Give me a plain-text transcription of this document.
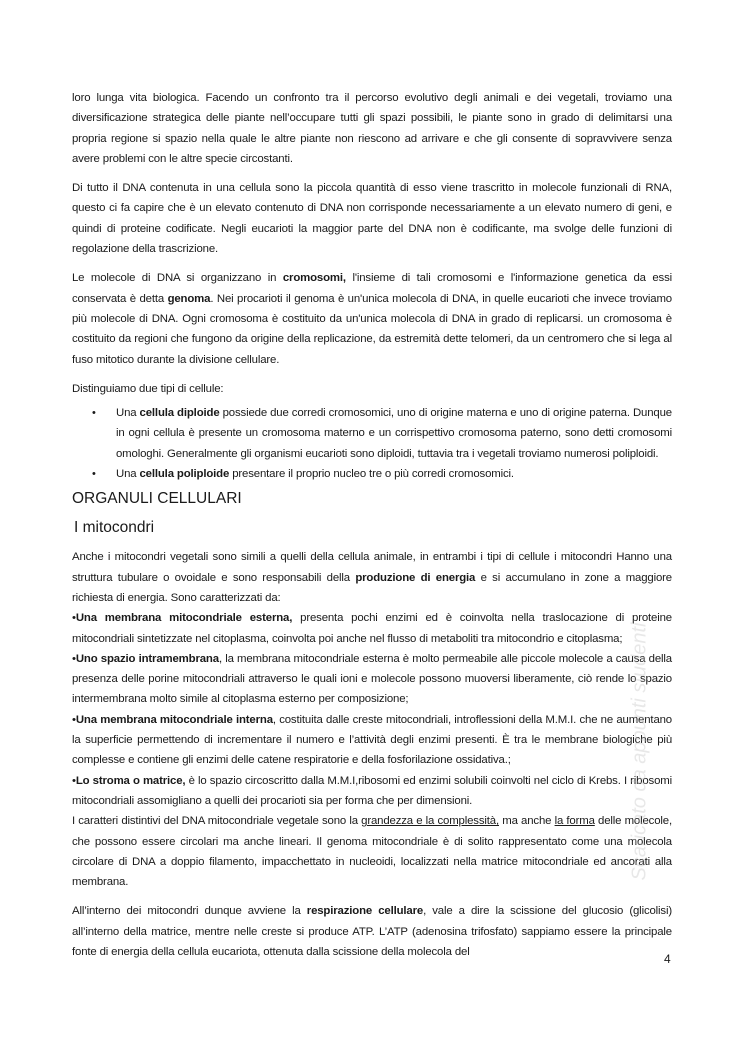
loro lunga vita biologica. Facendo un confronto tra il percorso evolutivo degli animali e dei vegetali, troviamo una diversificazione strategica delle piante nell’occupare tutti gli spazi possibili, le piante sono in grado di delimitarsi una propria regione si spazio nella quale le altre piante non riescono ad arrivare e che gli consente di sopravvivere senza avere problemi con le altre specie circostanti.

Di tutto il DNA contenuta in una cellula sono la piccola quantità di esso viene trascritto in molecole funzionali di RNA, questo ci fa capire che è un elevato contenuto di DNA non corrisponde necessariamente a un elevato numero di geni, e quindi di proteine codificate. Negli eucarioti la maggior parte del DNA non è codificante, ma svolge delle funzioni di regolazione della trascrizione.

Le molecole di DNA si organizzano in cromosomi, l'insieme di tali cromosomi e l'informazione genetica da essi conservata è detta genoma. Nei procarioti il genoma è un'unica molecola di DNA, in quelle eucarioti che invece troviamo più molecole di DNA. Ogni cromosoma è costituito da un'unica molecola di DNA in grado di replicarsi. un cromosoma è costituito da regioni che fungono da origine della replicazione, da estremità dette telomeri, da un centromero che si lega al fuso mitotico durante la divisione cellulare.

Distinguiamo due tipi di cellule:

• Una cellula diploide possiede due corredi cromosomici, uno di origine materna e uno di origine paterna. Dunque in ogni cellula è presente un cromosoma materno e un corrispettivo cromosoma paterno, sono detti cromosomi omologhi. Generalmente gli organismi eucarioti sono diploidi, tuttavia tra i vegetali troviamo numerosi poliploidi.
• Una cellula poliploide presentare il proprio nucleo tre o più corredi cromosomici.
ORGANULI CELLULARI
I mitocondri
Anche i mitocondri vegetali sono simili a quelli della cellula animale, in entrambi i tipi di cellule i mitocondri Hanno una struttura tubulare o ovoidale e sono responsabili della produzione di energia e si accumulano in zone a maggiore richiesta di energia. Sono caratterizzati da:
•Una membrana mitocondriale esterna, presenta pochi enzimi ed è coinvolta nella traslocazione di proteine mitocondriali sintetizzate nel citoplasma, coinvolta poi anche nel flusso di metaboliti tra mitocondrio e citoplasma;
•Uno spazio intramembrana, la membrana mitocondriale esterna è molto permeabile alle piccole molecole a causa della presenza delle porine mitocondriali attraverso le quali ioni e molecole possono muoversi liberamente, ciò rende lo spazio intermembrana molto simile al citoplasma esterno per composizione;
•Una membrana mitocondriale interna, costituita dalle creste mitocondriali, introflessioni della M.M.I. che ne aumentano la superficie permettendo di incrementare il numero e l’attività degli enzimi presenti. È tra le membrane biologiche più complesse e contiene gli enzimi delle catene respiratorie e della fosforilazione ossidativa.;
•Lo stroma o matrice, è lo spazio circoscritto dalla M.M.I,ribosomi ed enzimi solubili coinvolti nel ciclo di Krebs. I ribosomi mitocondriali assomigliano a quelli dei procarioti sia per forma che per dimensioni.

I caratteri distintivi del DNA mitocondriale vegetale sono la grandezza e la complessità, ma anche la forma delle molecole, che possono essere circolari ma anche lineari. Il genoma mitocondriale è di solito rappresentato come una molecola circolare di DNA a doppio filamento, impacchettato in nucleoidi, localizzati nella matrice mitocondriale ed ancorati alla membrana.

All’interno dei mitocondri dunque avviene la respirazione cellulare, vale a dire la scissione del glucosio (glicolisi) all’interno della matrice, mentre nelle creste si produce ATP. L’ATP (adenosina trifosfato) sappiamo essere la principale fonte di energia della cellula eucariota, ottenuta dalla scissione della molecola del

Scaricato da appunti studenti
4
